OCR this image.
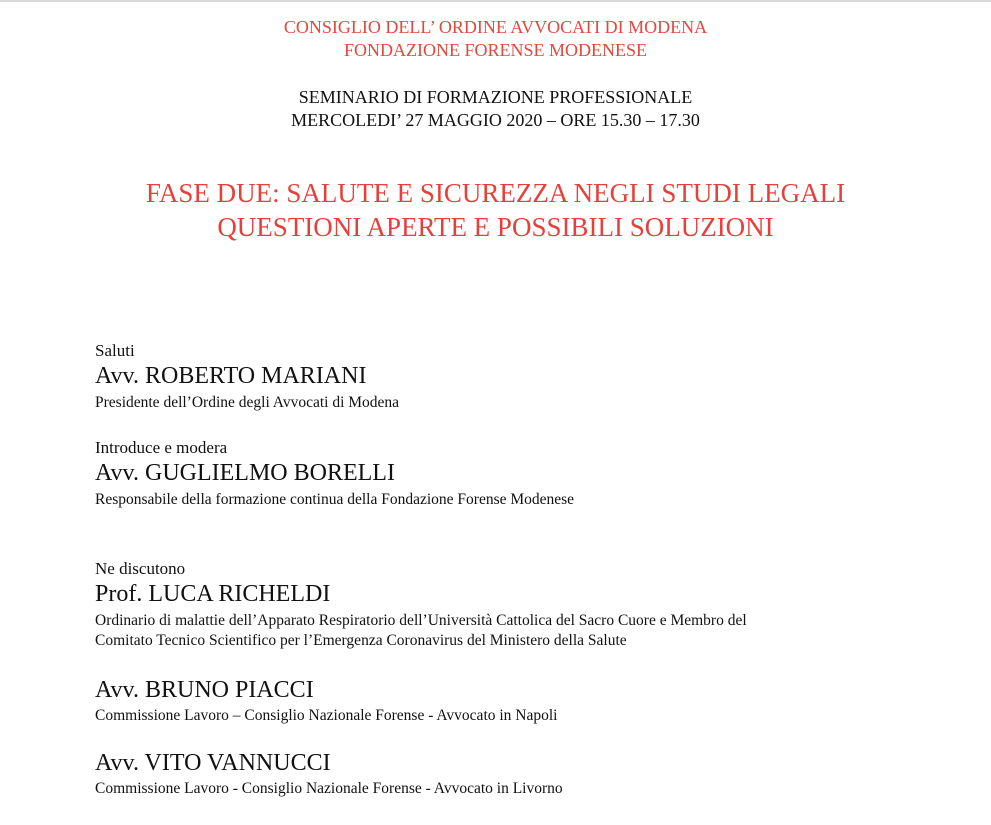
CONSIGLIO DELL’ ORDINE AVVOCATI DI MODENA
FONDAZIONE FORENSE MODENESE
SEMINARIO DI FORMAZIONE PROFESSIONALE
MERCOLEDI’ 27 MAGGIO 2020 – ORE 15.30 – 17.30
FASE DUE: SALUTE E SICUREZZA NEGLI STUDI LEGALI
QUESTIONI APERTE E POSSIBILI SOLUZIONI
Saluti
Avv. ROBERTO MARIANI
Presidente dell’Ordine degli Avvocati di Modena
Introduce e modera
Avv. GUGLIELMO BORELLI
Responsabile della formazione continua della Fondazione Forense Modenese
Ne discutono
Prof. LUCA RICHELDI
Ordinario di malattie dell’Apparato Respiratorio dell’Università Cattolica del Sacro Cuore e Membro del
Comitato Tecnico Scientifico per l’Emergenza Coronavirus del Ministero della Salute
Avv. BRUNO PIACCI
Commissione Lavoro – Consiglio Nazionale Forense - Avvocato in Napoli
Avv. VITO VANNUCCI
Commissione Lavoro - Consiglio Nazionale Forense - Avvocato in Livorno
